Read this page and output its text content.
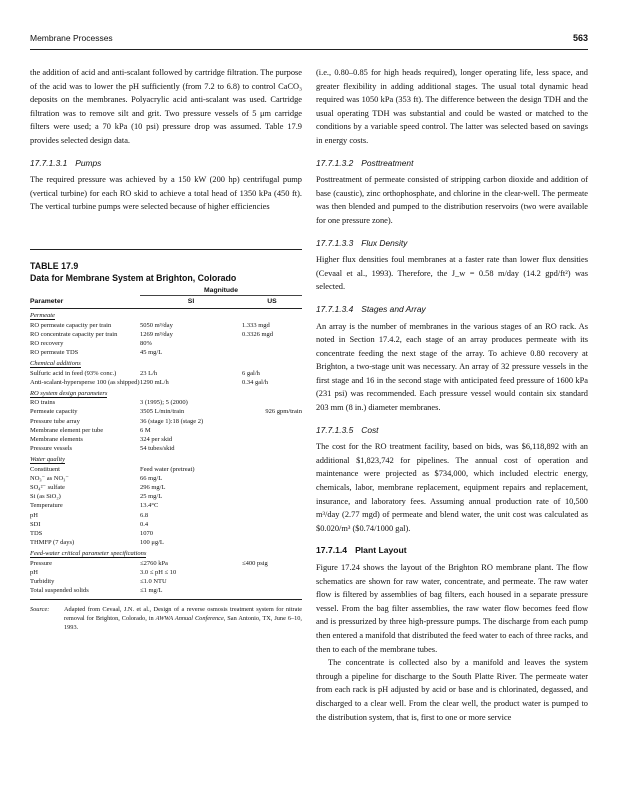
Membrane Processes	563

the addition of acid and anti-scalant followed by cartridge filtration. The purpose of the acid was to lower the pH sufficiently (from 7.2 to 6.8) to control CaCO₃ deposits on the membranes. Polyacrylic acid anti-scalant was used. Cartridge filtration was to remove silt and grit. Two pressure vessels of 5 μm carridge filters were used; a 70 kPa (10 psi) pressure drop was assumed. Table 17.9 provides selected design data.

17.7.1.3.1 Pumps

The required pressure was achieved by a 150 kW (200 hp) centrifugal pump (vertical turbine) for each RO skid to achieve a total head of 1350 kPa (450 ft). The vertical turbine pumps were selected because of higher efficiencies

TABLE 17.9
Data for Membrane System at Brighton, Colorado
	Magnitude	
Parameter	SI	US
Permeate		
RO permeate capacity per train	5050 m³/day	1.333 mgd
RO concentrate capacity per train	1269 m³/day	0.3326 mgd
RO recovery	80%	
RO permeate TDS	45 mg/L	
Chemical additions		
Sulfuric acid in feed (93% conc.)	23 L/h	6 gal/h
Anti-scalant-hypersperse 100 (as shipped)	1290 mL/h	0.34 gal/h
RO system design parameters		
RO trains	3 (1995); 5 (2000)	
Permeate capacity	3505 L/min/train	926 gpm/train
Pressure tube array	36 (stage 1):18 (stage 2)	
Membrane element per tube	6 M	
Membrane elements	324 per skid	
Pressure vessels	54 tubes/skid	
Water quality		
Constituent	Feed water (pretreat)	
NO₃⁻ as NO₃⁻	66 mg/L	
SO₄²⁻ sulfate	296 mg/L	
Si (as SiO₂)	25 mg/L	
Temperature	13.4°C	
pH	6.8	
SDI	0.4	
TDS	1070	
THMFP (7 days)	100 μg/L	
Feed-water critical parameter specifications		
Pressure	≤2760 kPa	≤400 psig
pH	3.0 ≤ pH ≤ 10	
Turbidity	≤1.0 NTU	
Total suspended solids	≤1 mg/L	
Source:	Adapted from Cevaal, J.N. et al., Design of a reverse osmosis treatment system for nitrate removal for Brighton, Colorado, in AWWA Annual Conference, San Antonio, TX, June 6–10, 1993.

(i.e., 0.80–0.85 for high heads required), longer operating life, less space, and greater flexibility in adding additional stages. The usual total dynamic head required was 1050 kPa (353 ft). The difference between the design TDH and the usual operating TDH was substantial and could be wasted or matched to the conditions by a variable speed control. The latter was selected based on savings in energy costs.

17.7.1.3.2 Posttreatment

Posttreatment of permeate consisted of stripping carbon dioxide and addition of base (caustic), zinc orthophosphate, and chlorine in the clear-well. The permeate was then blended and pumped to the distribution reservoirs (two were available for one pressure zone).

17.7.1.3.3 Flux Density

Higher flux densities foul membranes at a faster rate than lower flux densities (Cevaal et al., 1993). Therefore, the J_w = 0.58 m/day (14.2 gpd/ft²) was selected.

17.7.1.3.4 Stages and Array

An array is the number of membranes in the various stages of an RO rack. As noted in Section 17.4.2, each stage of an array produces permeate with its concentrate feeding the next stage of the array. To achieve 0.80 recovery at Brighton, a two-stage unit was necessary. An array of 32 pressure vessels in the first stage and 16 in the second stage with anticipated feed pressure of 1600 kPa (231 psi) was recommended. Each pressure vessel would contain six standard 203 mm (8 in.) diameter membranes.

17.7.1.3.5 Cost

The cost for the RO treatment facility, based on bids, was $6,118,892 with an additional $1,823,742 for pipelines. The annual cost of operation and maintenance were projected as $734,000, which included electric energy, chemicals, labor, membrane replacement, equipment repairs and replacement, insurance, and laboratory fees. Assuming annual production rate of 10,500 m³/day (2.77 mgd) of permeate and blend water, the unit cost was calculated as $0.020/m³ ($0.74/1000 gal).

17.7.1.4 Plant Layout

Figure 17.24 shows the layout of the Brighton RO membrane plant. The flow schematics are shown for raw water, concentrate, and permeate. The raw water flow is filtered by assemblies of bag filters, each housed in a separate pressure vessel. From the bag filter assemblies, the raw water flow becomes feed flow and is pressurized by three high-pressure pumps. The discharge from each pump then entered a manifold that distributed the feed water to each of three racks, and then to each of the membrane tubes.

The concentrate is collected also by a manifold and leaves the system through a pipeline for discharge to the South Platte River. The permeate water from each rack is pH adjusted by acid or base and is chlorinated, degassed, and discharged to a clear well. From the clear well, the product water is pumped to the distribution system, that is, first to one or more service
